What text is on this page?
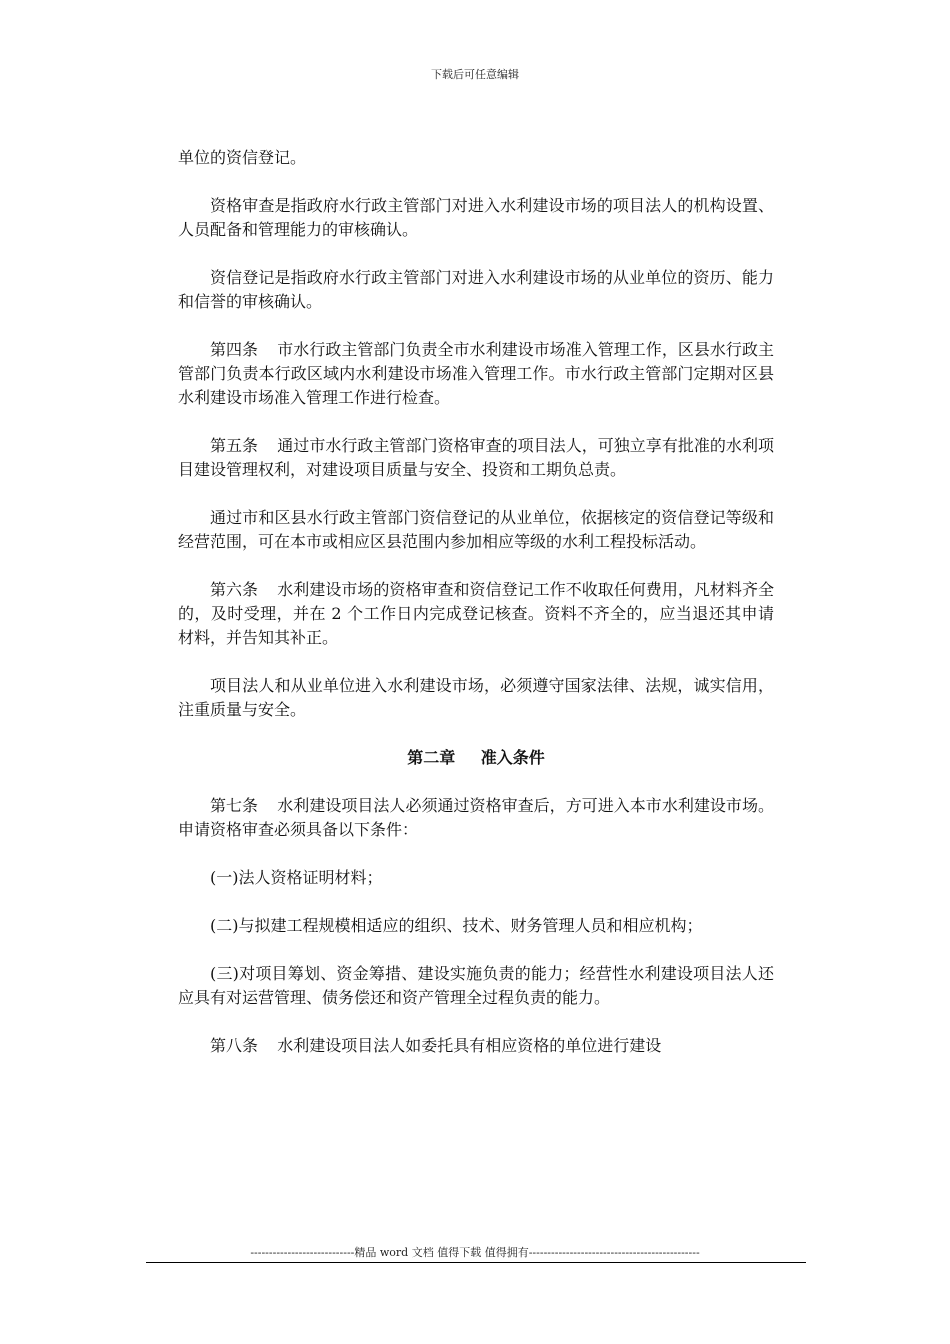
下载后可任意编辑

单位的资信登记。

资格审查是指政府水行政主管部门对进入水利建设市场的项目法人的机构设置、人员配备和管理能力的审核确认。

资信登记是指政府水行政主管部门对进入水利建设市场的从业单位的资历、能力和信誉的审核确认。

第四条 市水行政主管部门负责全市水利建设市场准入管理工作，区县水行政主管部门负责本行政区域内水利建设市场准入管理工作。市水行政主管部门定期对区县水利建设市场准入管理工作进行检查。

第五条 通过市水行政主管部门资格审查的项目法人，可独立享有批准的水利项目建设管理权利，对建设项目质量与安全、投资和工期负总责。

通过市和区县水行政主管部门资信登记的从业单位，依据核定的资信登记等级和经营范围，可在本市或相应区县范围内参加相应等级的水利工程投标活动。

第六条 水利建设市场的资格审查和资信登记工作不收取任何费用，凡材料齐全的，及时受理，并在 2 个工作日内完成登记核查。资料不齐全的，应当退还其申请材料，并告知其补正。

项目法人和从业单位进入水利建设市场，必须遵守国家法律、法规，诚实信用，注重质量与安全。

第二章 准入条件

第七条 水利建设项目法人必须通过资格审查后，方可进入本市水利建设市场。申请资格审查必须具备以下条件：

(一)法人资格证明材料；

(二)与拟建工程规模相适应的组织、技术、财务管理人员和相应机构；

(三)对项目筹划、资金筹措、建设实施负责的能力；经营性水利建设项目法人还应具有对运营管理、债务偿还和资产管理全过程负责的能力。

第八条 水利建设项目法人如委托具有相应资格的单位进行建设

----------------------------精品 word 文档 值得下载 值得拥有----------------------------------------------
